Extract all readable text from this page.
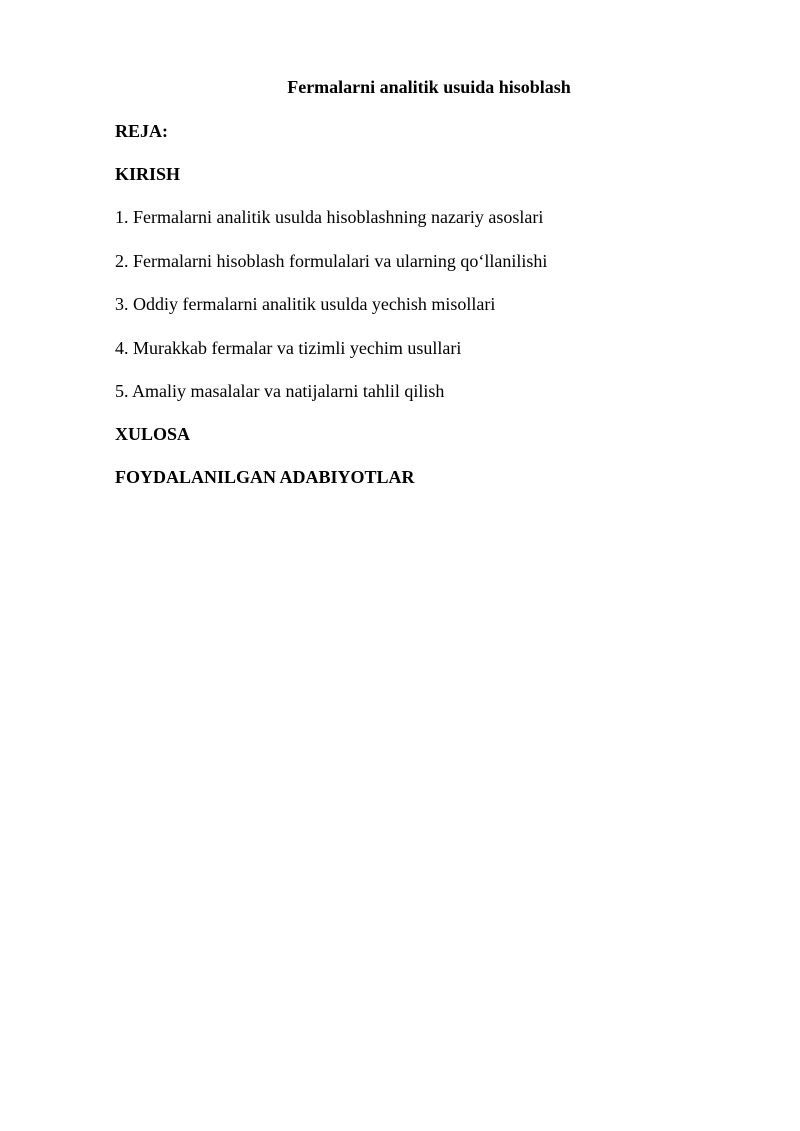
Fermalarni analitik usuida hisoblash

REJA:

KIRISH

1. Fermalarni analitik usulda hisoblashning nazariy asoslari

2. Fermalarni hisoblash formulalari va ularning qo‘llanilishi

3. Oddiy fermalarni analitik usulda yechish misollari

4. Murakkab fermalar va tizimli yechim usullari

5. Amaliy masalalar va natijalarni tahlil qilish

XULOSA

FOYDALANILGAN ADABIYOTLAR
